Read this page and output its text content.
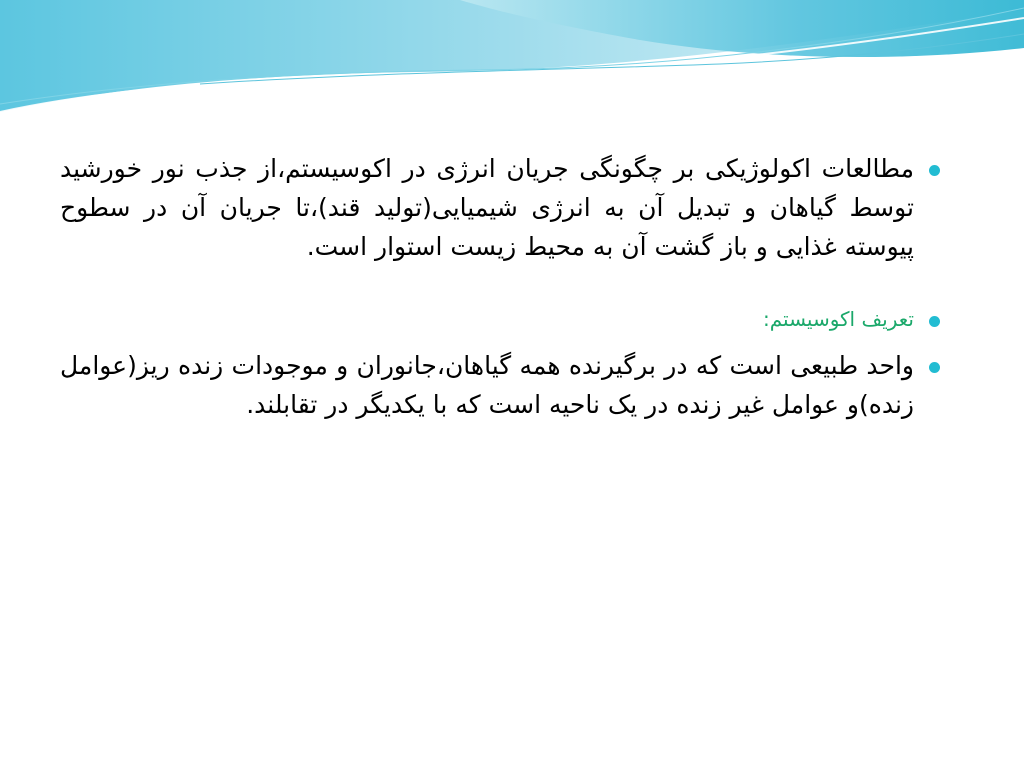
مطالعات اکولوژیکی بر چگونگی جریان انرژی در اکوسیستم،از جذب نور خورشید توسط گیاهان و تبدیل آن به انرژی شیمیایی(تولید قند)،تا جریان آن در سطوح پیوسته غذایی و باز گشت آن به محیط زیست استوار است.

تعریف اکوسیستم:

واحد طبیعی است که در برگیرنده همه گیاهان،جانوران و موجودات زنده ریز(عوامل زنده)و عوامل غیر زنده در یک ناحیه است که با یکدیگر در تقابلند.
